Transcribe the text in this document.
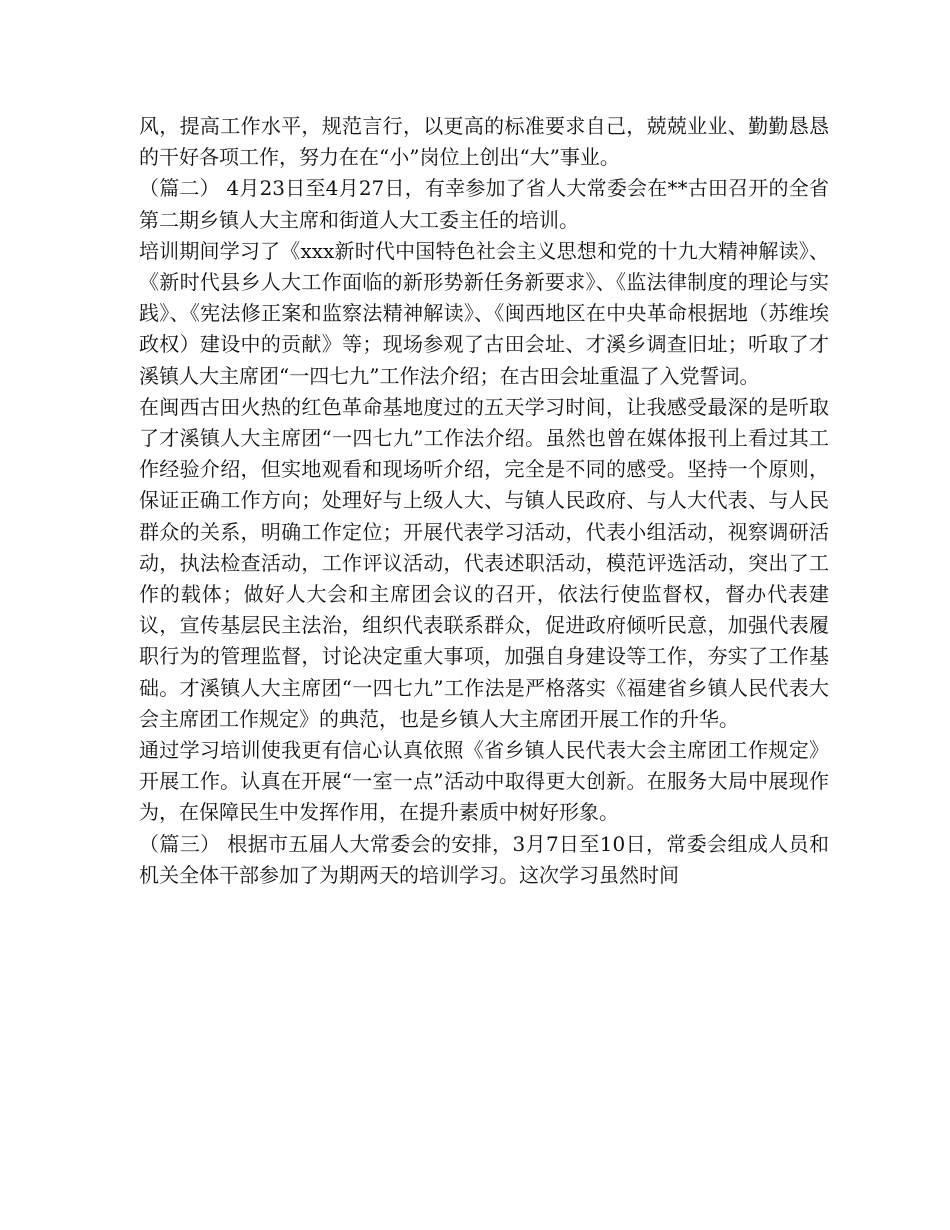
风，提高工作水平，规范言行，以更高的标准要求自己，兢兢业业、勤勤恳恳的干好各项工作，努力在在“小”岗位上创出“大”事业。

（篇二） 4月23日至4月27日，有幸参加了省人大常委会在**古田召开的全省第二期乡镇人大主席和街道人大工委主任的培训。

培训期间学习了《xxx新时代中国特色社会主义思想和党的十九大精神解读》、《新时代县乡人大工作面临的新形势新任务新要求》、《监法律制度的理论与实践》、《宪法修正案和监察法精神解读》、《闽西地区在中央革命根据地（苏维埃政权）建设中的贡献》等；现场参观了古田会址、才溪乡调查旧址；听取了才溪镇人大主席团“一四七九”工作法介绍；在古田会址重温了入党誓词。

在闽西古田火热的红色革命基地度过的五天学习时间，让我感受最深的是听取了才溪镇人大主席团“一四七九”工作法介绍。虽然也曾在媒体报刊上看过其工作经验介绍，但实地观看和现场听介绍，完全是不同的感受。坚持一个原则，保证正确工作方向；处理好与上级人大、与镇人民政府、与人大代表、与人民群众的关系，明确工作定位；开展代表学习活动，代表小组活动，视察调研活动，执法检查活动，工作评议活动，代表述职活动，模范评选活动，突出了工作的载体；做好人大会和主席团会议的召开，依法行使监督权，督办代表建议，宣传基层民主法治，组织代表联系群众，促进政府倾听民意，加强代表履职行为的管理监督，讨论决定重大事项，加强自身建设等工作，夯实了工作基础。才溪镇人大主席团“一四七九”工作法是严格落实《福建省乡镇人民代表大会主席团工作规定》的典范，也是乡镇人大主席团开展工作的升华。

通过学习培训使我更有信心认真依照《省乡镇人民代表大会主席团工作规定》开展工作。认真在开展“一室一点”活动中取得更大创新。在服务大局中展现作为，在保障民生中发挥作用，在提升素质中树好形象。

（篇三） 根据市五届人大常委会的安排，3月7日至10日，常委会组成人员和机关全体干部参加了为期两天的培训学习。这次学习虽然时间
